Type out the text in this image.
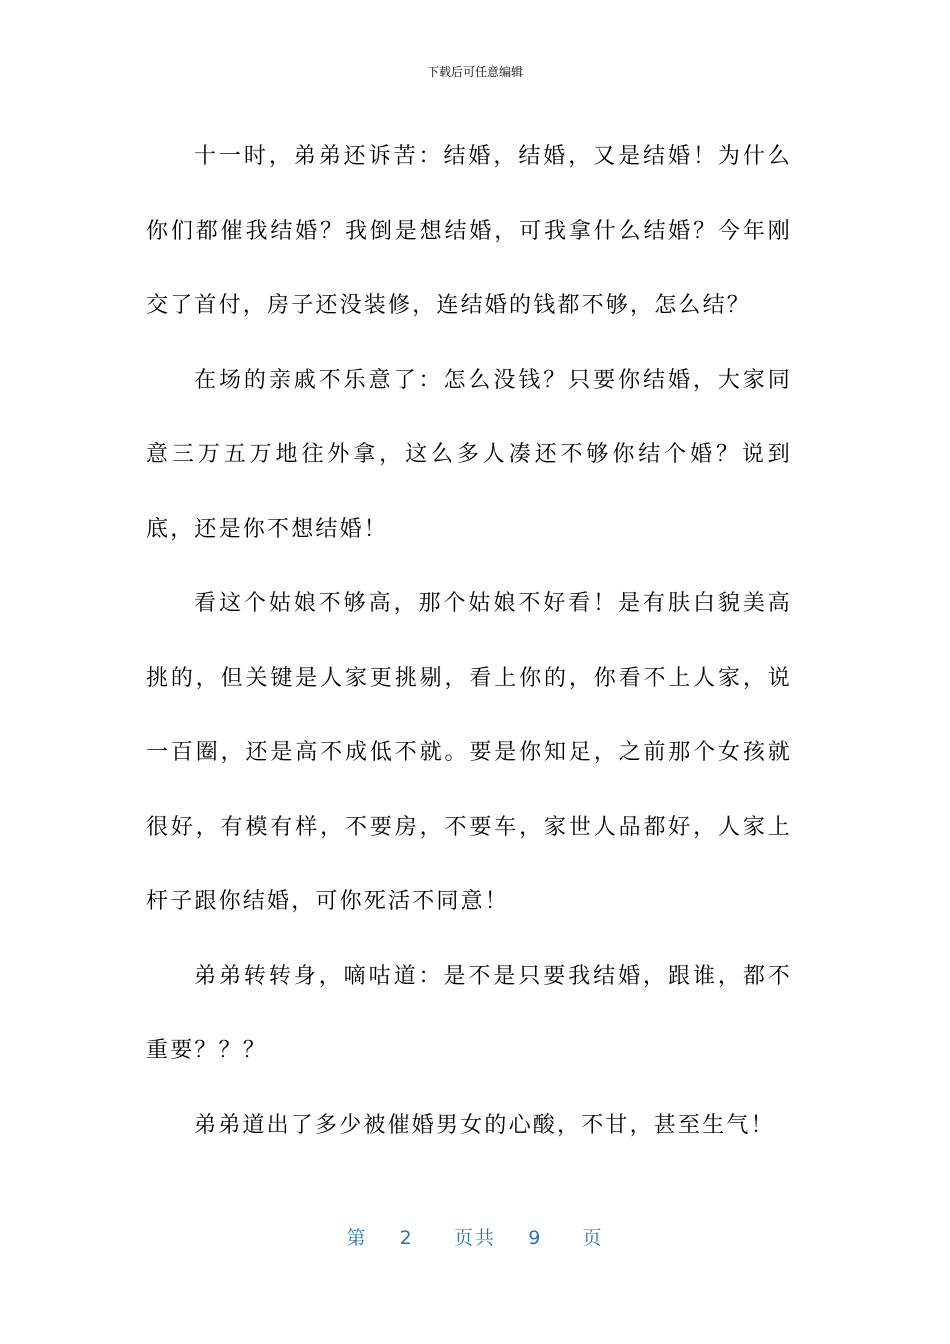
下载后可任意编辑

十一时，弟弟还诉苦：结婚，结婚，又是结婚！为什么你们都催我结婚？我倒是想结婚，可我拿什么结婚？今年刚交了首付，房子还没装修，连结婚的钱都不够，怎么结？

在场的亲戚不乐意了：怎么没钱？只要你结婚，大家同意三万五万地往外拿，这么多人凑还不够你结个婚？说到底，还是你不想结婚！

看这个姑娘不够高，那个姑娘不好看！是有肤白貌美高挑的，但关键是人家更挑剔，看上你的，你看不上人家，说一百圈，还是高不成低不就。要是你知足，之前那个女孩就很好，有模有样，不要房，不要车，家世人品都好，人家上杆子跟你结婚，可你死活不同意！

弟弟转转身，嘀咕道：是不是只要我结婚，跟谁，都不重要？？？

弟弟道出了多少被催婚男女的心酸，不甘，甚至生气！

第 2 页共 9 页
